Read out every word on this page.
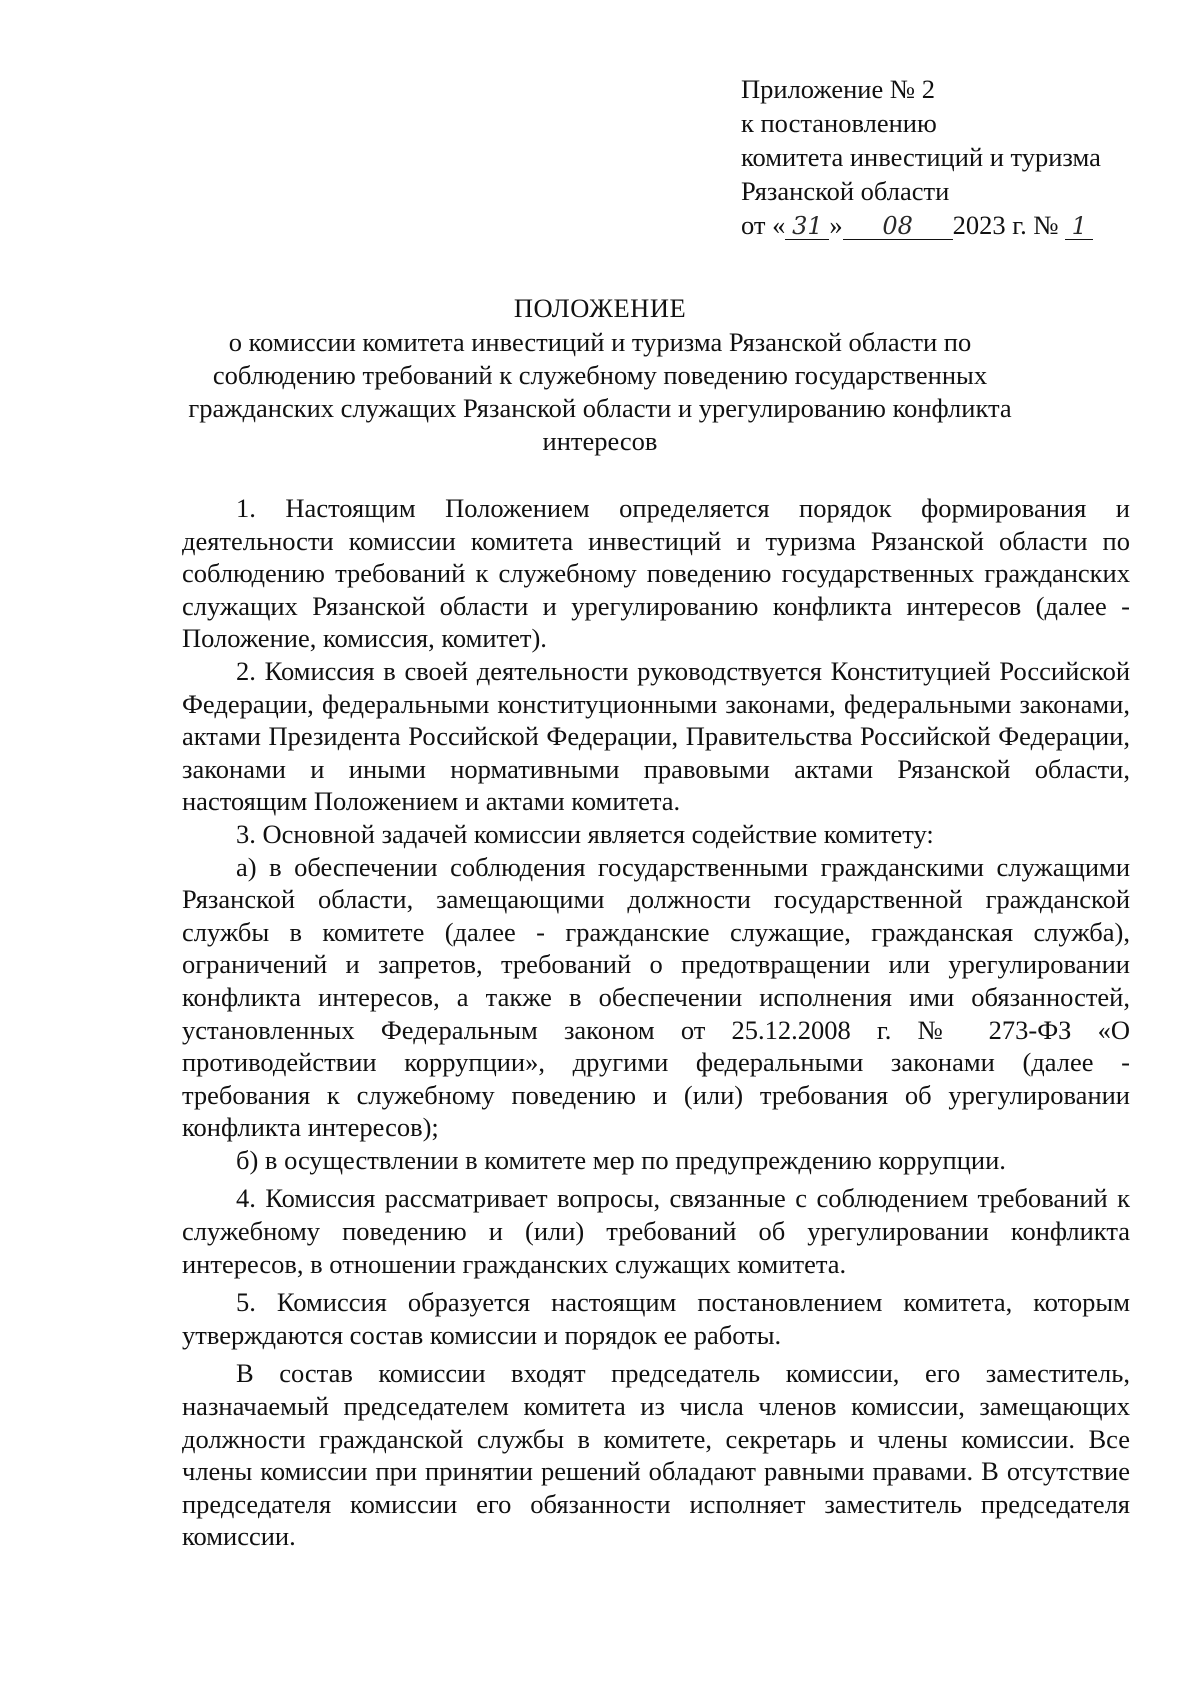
Приложение № 2
к постановлению
комитета инвестиций и туризма
Рязанской области
от « 31 » 08 2023 г. № 1
ПОЛОЖЕНИЕ
о комиссии комитета инвестиций и туризма Рязанской области по
соблюдению требований к служебному поведению государственных
гражданских служащих Рязанской области и урегулированию конфликта
интересов

1. Настоящим Положением определяется порядок формирования и деятельности комиссии комитета инвестиций и туризма Рязанской области по соблюдению требований к служебному поведению государственных гражданских служащих Рязанской области и урегулированию конфликта интересов (далее - Положение, комиссия, комитет).

2. Комиссия в своей деятельности руководствуется Конституцией Российской Федерации, федеральными конституционными законами, федеральными законами, актами Президента Российской Федерации, Правительства Российской Федерации, законами и иными нормативными правовыми актами Рязанской области, настоящим Положением и актами комитета.

3. Основной задачей комиссии является содействие комитету:

а) в обеспечении соблюдения государственными гражданскими служащими Рязанской области, замещающими должности государственной гражданской службы в комитете (далее - гражданские служащие, гражданская служба), ограничений и запретов, требований о предотвращении или урегулировании конфликта интересов, а также в обеспечении исполнения ими обязанностей, установленных Федеральным законом от 25.12.2008 г. № 273-ФЗ «О противодействии коррупции», другими федеральными законами (далее - требования к служебному поведению и (или) требования об урегулировании конфликта интересов);

б) в осуществлении в комитете мер по предупреждению коррупции.

4. Комиссия рассматривает вопросы, связанные с соблюдением требований к служебному поведению и (или) требований об урегулировании конфликта интересов, в отношении гражданских служащих комитета.

5. Комиссия образуется настоящим постановлением комитета, которым утверждаются состав комиссии и порядок ее работы.

В состав комиссии входят председатель комиссии, его заместитель, назначаемый председателем комитета из числа членов комиссии, замещающих должности гражданской службы в комитете, секретарь и члены комиссии. Все члены комиссии при принятии решений обладают равными правами. В отсутствие председателя комиссии его обязанности исполняет заместитель председателя комиссии.
